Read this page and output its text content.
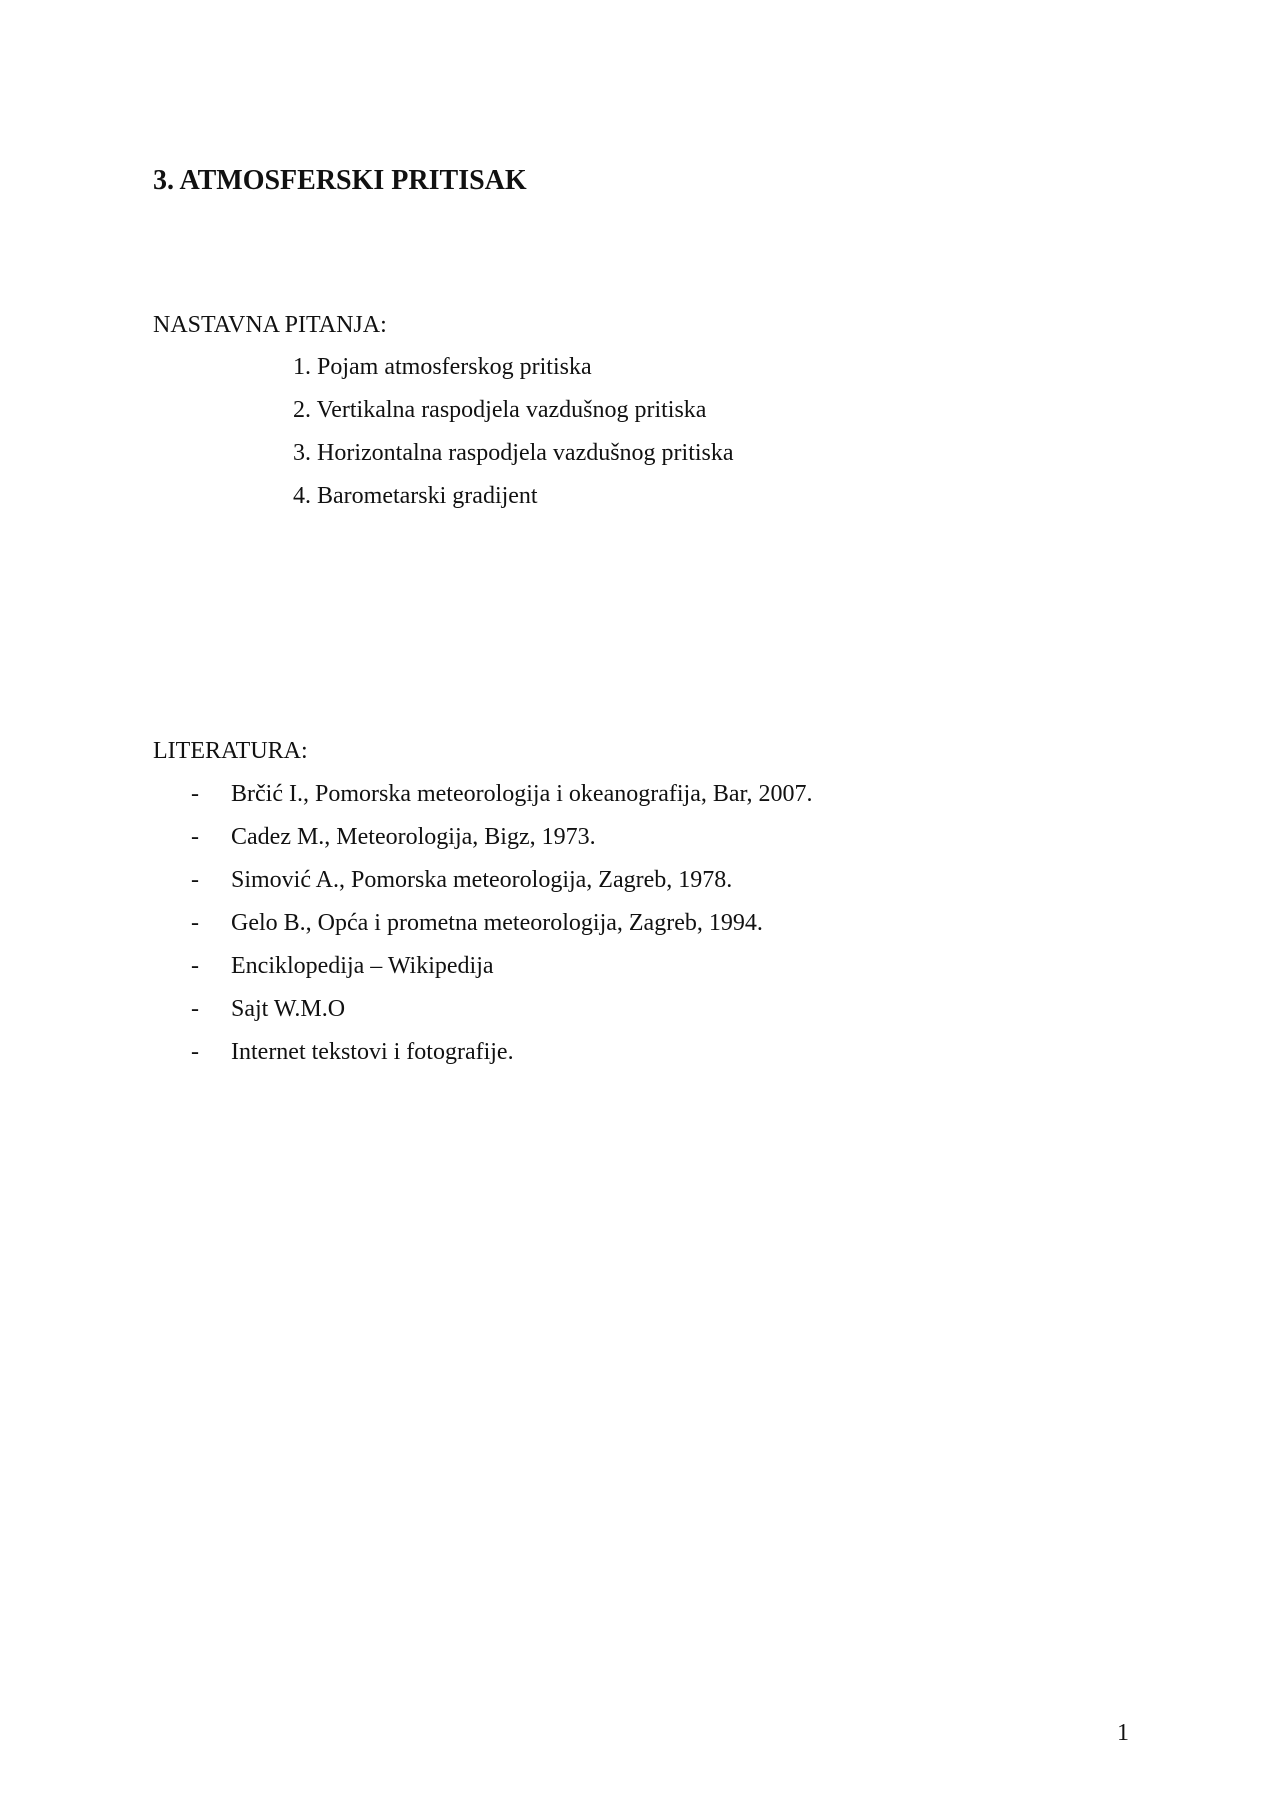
3. ATMOSFERSKI PRITISAK
NASTAVNA PITANJA:
1. Pojam atmosferskog pritiska
2. Vertikalna raspodjela vazdušnog pritiska
3. Horizontalna raspodjela vazdušnog pritiska
4. Barometarski gradijent
LITERATURA:
-	Brčić I., Pomorska meteorologija i okeanografija, Bar, 2007.
-	Cadez M., Meteorologija, Bigz, 1973.
-	Simović A., Pomorska meteorologija, Zagreb, 1978.
-	Gelo B., Opća i prometna meteorologija, Zagreb, 1994.
-	Enciklopedija – Wikipedija
-	Sajt W.M.O
-	Internet tekstovi i fotografije.
1
